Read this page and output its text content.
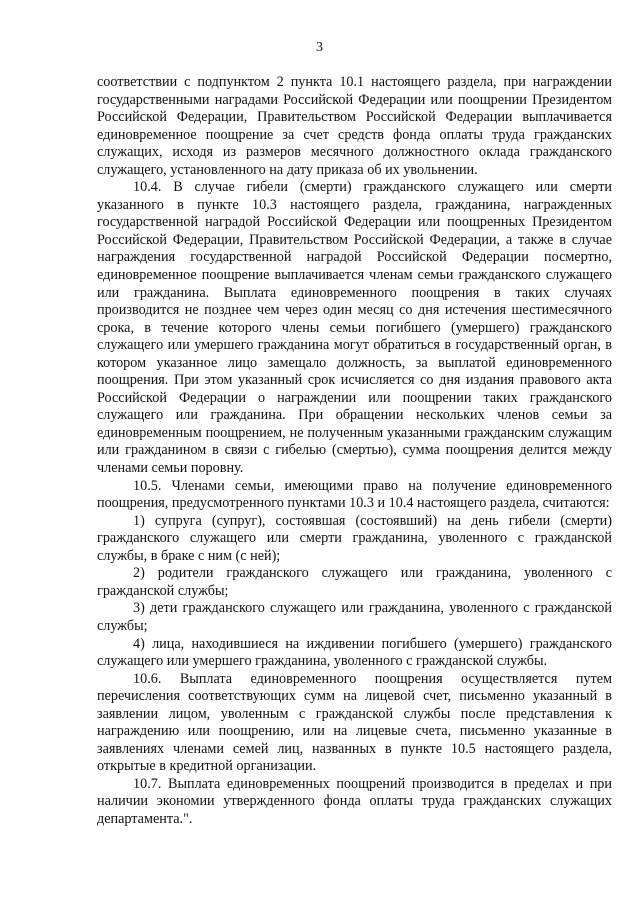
3

соответствии с подпунктом 2 пункта 10.1 настоящего раздела, при награждении государственными наградами Российской Федерации или поощрении Президентом Российской Федерации, Правительством Российской Федерации выплачивается единовременное поощрение за счет средств фонда оплаты труда гражданских служащих, исходя из размеров месячного должностного оклада гражданского служащего, установленного на дату приказа об их увольнении.

10.4. В случае гибели (смерти) гражданского служащего или смерти указанного в пункте 10.3 настоящего раздела, гражданина, награжденных государственной наградой Российской Федерации или поощренных Президентом Российской Федерации, Правительством Российской Федерации, а также в случае награждения государственной наградой Российской Федерации посмертно, единовременное поощрение выплачивается членам семьи гражданского служащего или гражданина. Выплата единовременного поощрения в таких случаях производится не позднее чем через один месяц со дня истечения шестимесячного срока, в течение которого члены семьи погибшего (умершего) гражданского служащего или умершего гражданина могут обратиться в государственный орган, в котором указанное лицо замещало должность, за выплатой единовременного поощрения. При этом указанный срок исчисляется со дня издания правового акта Российской Федерации о награждении или поощрении таких гражданского служащего или гражданина. При обращении нескольких членов семьи за единовременным поощрением, не полученным указанными гражданским служащим или гражданином в связи с гибелью (смертью), сумма поощрения делится между членами семьи поровну.

10.5. Членами семьи, имеющими право на получение единовременного поощрения, предусмотренного пунктами 10.3 и 10.4 настоящего раздела, считаются:

1) супруга (супруг), состоявшая (состоявший) на день гибели (смерти) гражданского служащего или смерти гражданина, уволенного с гражданской службы, в браке с ним (с ней);

2) родители гражданского служащего или гражданина, уволенного с гражданской службы;

3) дети гражданского служащего или гражданина, уволенного с гражданской службы;

4) лица, находившиеся на иждивении погибшего (умершего) гражданского служащего или умершего гражданина, уволенного с гражданской службы.

10.6. Выплата единовременного поощрения осуществляется путем перечисления соответствующих сумм на лицевой счет, письменно указанный в заявлении лицом, уволенным с гражданской службы после представления к награждению или поощрению, или на лицевые счета, письменно указанные в заявлениях членами семей лиц, названных в пункте 10.5 настоящего раздела, открытые в кредитной организации.

10.7. Выплата единовременных поощрений производится в пределах и при наличии экономии утвержденного фонда оплаты труда гражданских служащих департамента.".
